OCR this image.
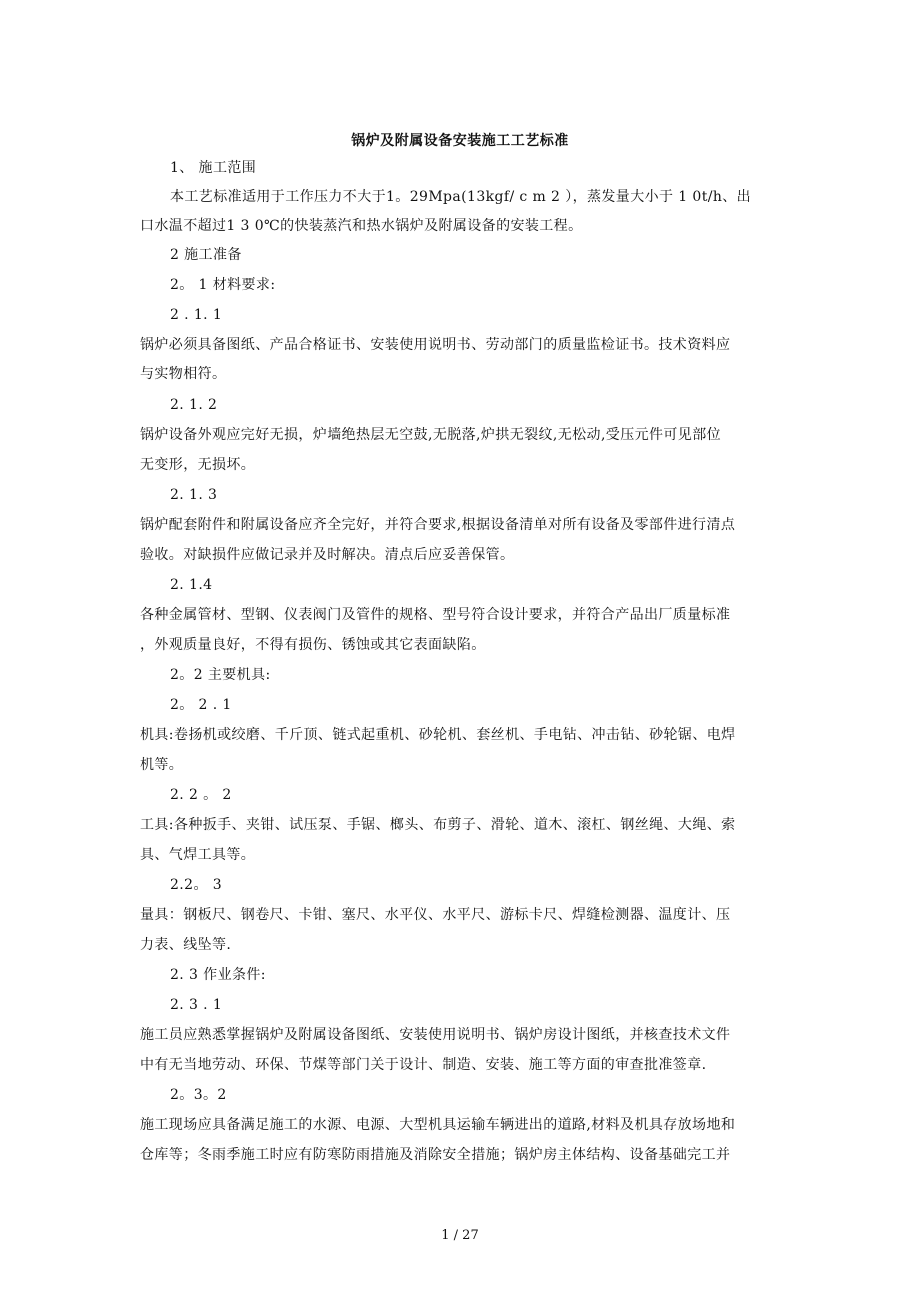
锅炉及附属设备安装施工工艺标准
1、 施工范围
本工艺标准适用于工作压力不大于1。29Mpa(13kgf/ c m 2 ），蒸发量大小于 1 0t/h、出
口水温不超过1 3 0℃的快装蒸汽和热水锅炉及附属设备的安装工程。
2 施工准备
2。 1 材料要求:
2 . 1. 1
锅炉必须具备图纸、产品合格证书、安装使用说明书、劳动部门的质量监检证书。技术资料应
与实物相符。
2. 1. 2
锅炉设备外观应完好无损，炉墙绝热层无空鼓,无脱落,炉拱无裂纹,无松动,受压元件可见部位
无变形，无损坏。
2. 1. 3
锅炉配套附件和附属设备应齐全完好，并符合要求,根据设备清单对所有设备及零部件进行清点
验收。对缺损件应做记录并及时解决。清点后应妥善保管。
2. 1.4
各种金属管材、型钢、仪表阀门及管件的规格、型号符合设计要求，并符合产品出厂质量标准
，外观质量良好，不得有损伤、锈蚀或其它表面缺陷。
2。2 主要机具:
2。 2 . 1
机具:卷扬机或绞磨、千斤顶、链式起重机、砂轮机、套丝机、手电钻、冲击钻、砂轮锯、电焊
机等。
2. 2 。 2
工具:各种扳手、夹钳、试压泵、手锯、榔头、布剪子、滑轮、道木、滚杠、钢丝绳、大绳、索
具、气焊工具等。
2.2。 3
量具：钢板尺、钢卷尺、卡钳、塞尺、水平仪、水平尺、游标卡尺、焊缝检测器、温度计、压
力表、线坠等.
2. 3 作业条件:
2. 3 . 1
施工员应熟悉掌握锅炉及附属设备图纸、安装使用说明书、锅炉房设计图纸，并核查技术文件
中有无当地劳动、环保、节煤等部门关于设计、制造、安装、施工等方面的审查批准签章.
2。3。2
施工现场应具备满足施工的水源、电源、大型机具运输车辆进出的道路,材料及机具存放场地和
仓库等；冬雨季施工时应有防寒防雨措施及消除安全措施；锅炉房主体结构、设备基础完工并
1 / 27
